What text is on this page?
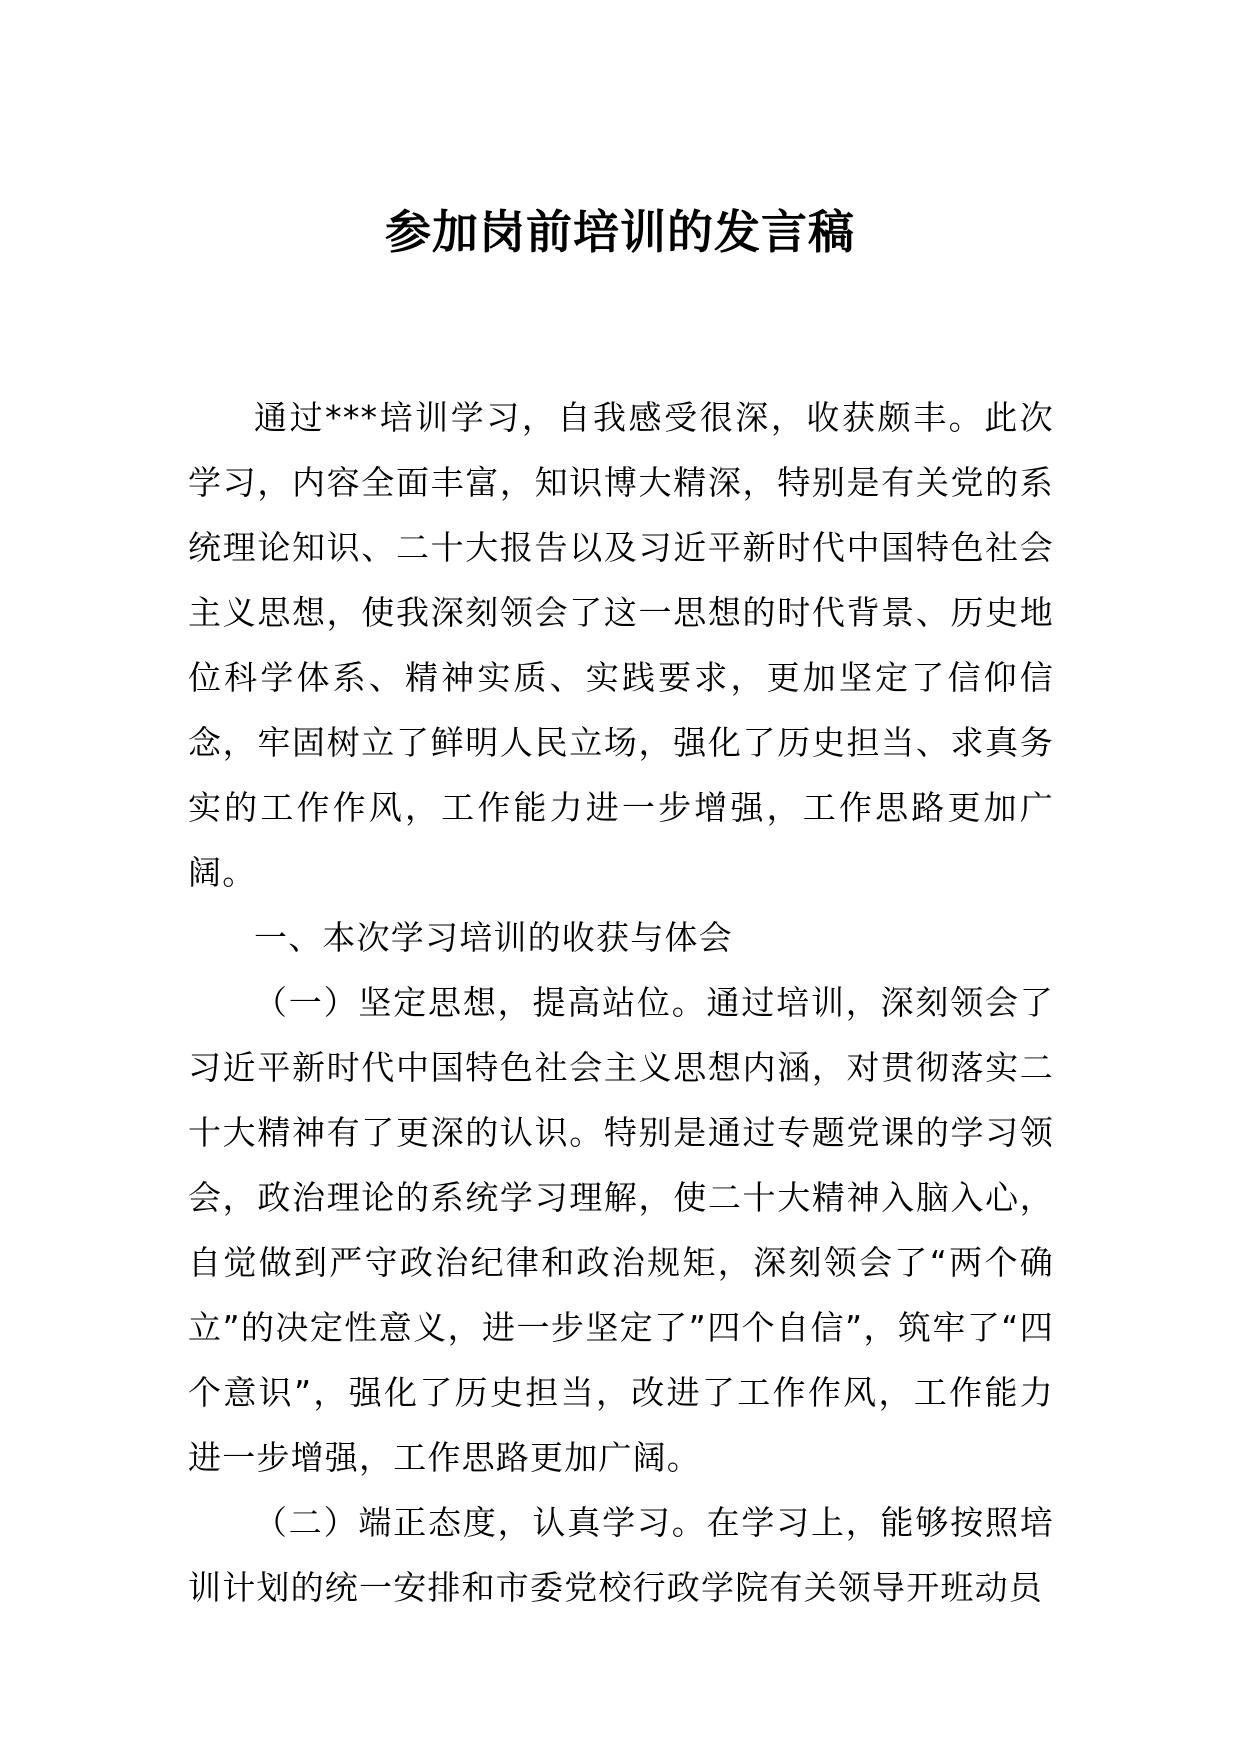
参加岗前培训的发言稿

通过***培训学习，自我感受很深，收获颇丰。此次学习，内容全面丰富，知识博大精深，特别是有关党的系统理论知识、二十大报告以及习近平新时代中国特色社会主义思想，使我深刻领会了这一思想的时代背景、历史地位科学体系、精神实质、实践要求，更加坚定了信仰信念，牢固树立了鲜明人民立场，强化了历史担当、求真务实的工作作风，工作能力进一步增强，工作思路更加广阔。

一、本次学习培训的收获与体会

（一）坚定思想，提高站位。通过培训，深刻领会了习近平新时代中国特色社会主义思想内涵，对贯彻落实二十大精神有了更深的认识。特别是通过专题党课的学习领会，政治理论的系统学习理解，使二十大精神入脑入心，自觉做到严守政治纪律和政治规矩，深刻领会了“两个确立”的决定性意义，进一步坚定了”四个自信”，筑牢了“四个意识”，强化了历史担当，改进了工作作风，工作能力进一步增强，工作思路更加广阔。

（二）端正态度，认真学习。在学习上，能够按照培训计划的统一安排和市委党校行政学院有关领导开班动员
